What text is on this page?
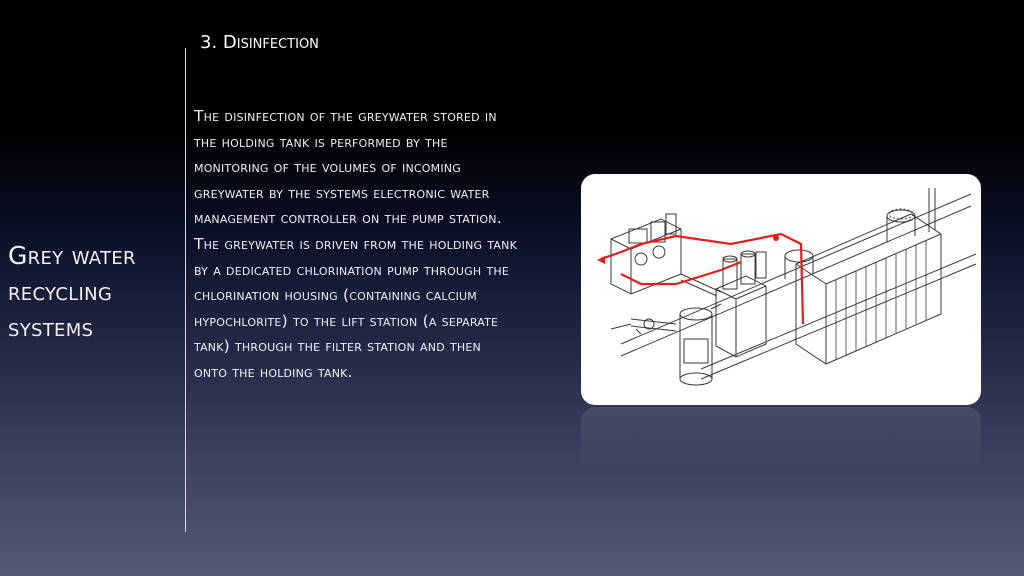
Grey water recycling systems
3. Disinfection

The disinfection of the greywater stored in the holding tank is performed by the monitoring of the volumes of incoming greywater by the systems electronic water management controller on the pump station. The greywater is driven from the holding tank by a dedicated chlorination pump through the chlorination housing (containing calcium hypochlorite) to the lift station (a separate tank) through the filter station and then onto the holding tank.
